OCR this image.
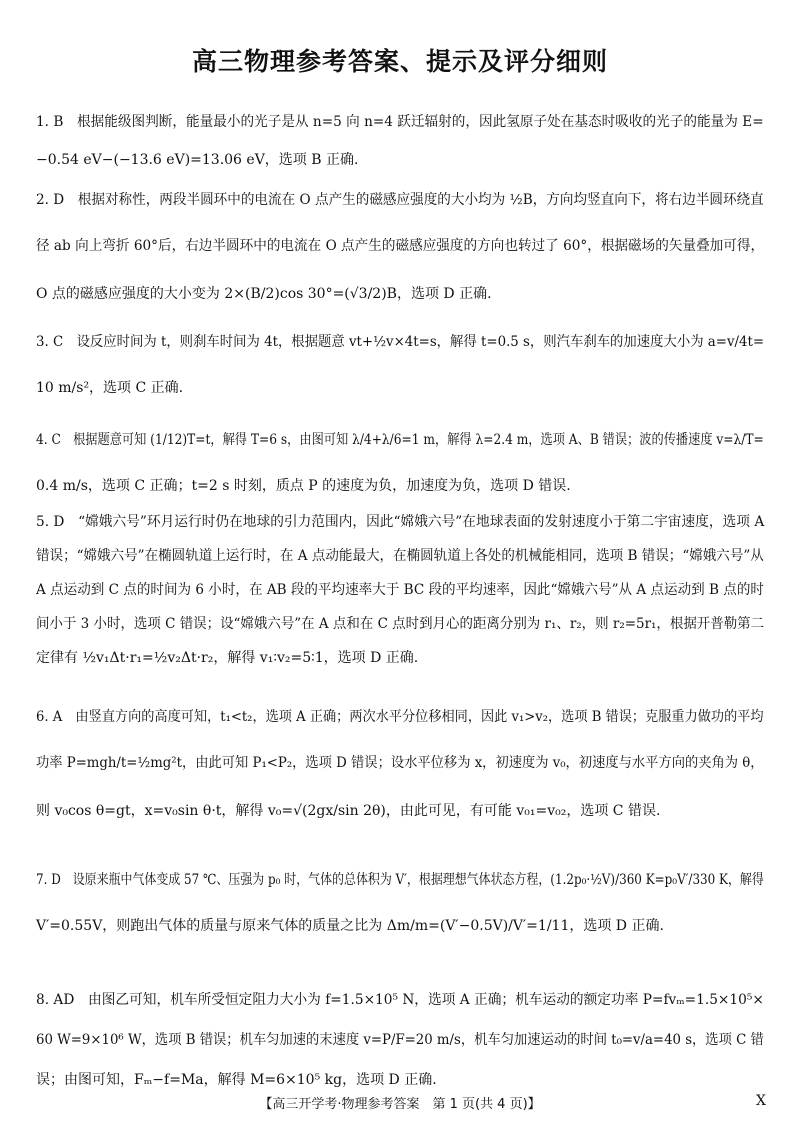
高三物理参考答案、提示及评分细则
1. B　根据能级图判断，能量最小的光子是从 n=5 向 n=4 跃迁辐射的，因此氢原子处在基态时吸收的光子的能量为 E=
−0.54 eV−(−13.6 eV)=13.06 eV，选项 B 正确.
2. D　根据对称性，两段半圆环中的电流在 O 点产生的磁感应强度的大小均为 ½B，方向均竖直向下，将右边半圆环绕直
径 ab 向上弯折 60°后，右边半圆环中的电流在 O 点产生的磁感应强度的方向也转过了 60°，根据磁场的矢量叠加可得，
O 点的磁感应强度的大小变为 2×(B/2)cos 30°=(√3/2)B，选项 D 正确.
3. C　设反应时间为 t，则刹车时间为 4t，根据题意 vt+½v×4t=s，解得 t=0.5 s，则汽车刹车的加速度大小为 a=v/4t=
10 m/s²，选项 C 正确.
4. C　根据题意可知 (1/12)T=t，解得 T=6 s，由图可知 λ/4+λ/6=1 m，解得 λ=2.4 m，选项 A、B 错误；波的传播速度 v=λ/T=
0.4 m/s，选项 C 正确；t=2 s 时刻，质点 P 的速度为负，加速度为负，选项 D 错误.
5. D　“嫦娥六号”环月运行时仍在地球的引力范围内，因此“嫦娥六号”在地球表面的发射速度小于第二宇宙速度，选项 A
错误；“嫦娥六号”在椭圆轨道上运行时，在 A 点动能最大，在椭圆轨道上各处的机械能相同，选项 B 错误；“嫦娥六号”从
A 点运动到 C 点的时间为 6 小时，在 AB 段的平均速率大于 BC 段的平均速率，因此“嫦娥六号”从 A 点运动到 B 点的时
间小于 3 小时，选项 C 错误；设“嫦娥六号”在 A 点和在 C 点时到月心的距离分别为 r₁、r₂，则 r₂=5r₁，根据开普勒第二
定律有 ½v₁Δt·r₁=½v₂Δt·r₂，解得 v₁∶v₂=5∶1，选项 D 正确.
6. A　由竖直方向的高度可知，t₁<t₂，选项 A 正确；两次水平分位移相同，因此 v₁>v₂，选项 B 错误；克服重力做功的平均
功率 P=mgh/t=½mg²t，由此可知 P₁<P₂，选项 D 错误；设水平位移为 x，初速度为 v₀，初速度与水平方向的夹角为 θ，
则 v₀cos θ=gt，x=v₀sin θ·t，解得 v₀=√(2gx/sin 2θ)，由此可见，有可能 v₀₁=v₀₂，选项 C 错误.
7. D　设原来瓶中气体变成 57 ℃、压强为 p₀ 时，气体的总体积为 V′，根据理想气体状态方程，(1.2p₀·½V)/360 K=p₀V′/330 K，解得
V′=0.55V，则跑出气体的质量与原来气体的质量之比为 Δm/m=(V′−0.5V)/V′=1/11，选项 D 正确.
8. AD　由图乙可知，机车所受恒定阻力大小为 f=1.5×10⁵ N，选项 A 正确；机车运动的额定功率 P=fvₘ=1.5×10⁵×
60 W=9×10⁶ W，选项 B 错误；机车匀加速的末速度 v=P/F=20 m/s，机车匀加速运动的时间 t₀=v/a=40 s，选项 C 错
误；由图可知，Fₘ−f=Ma，解得 M=6×10⁵ kg，选项 D 正确.
【高三开学考·物理参考答案　第 1 页(共 4 页)】	X
